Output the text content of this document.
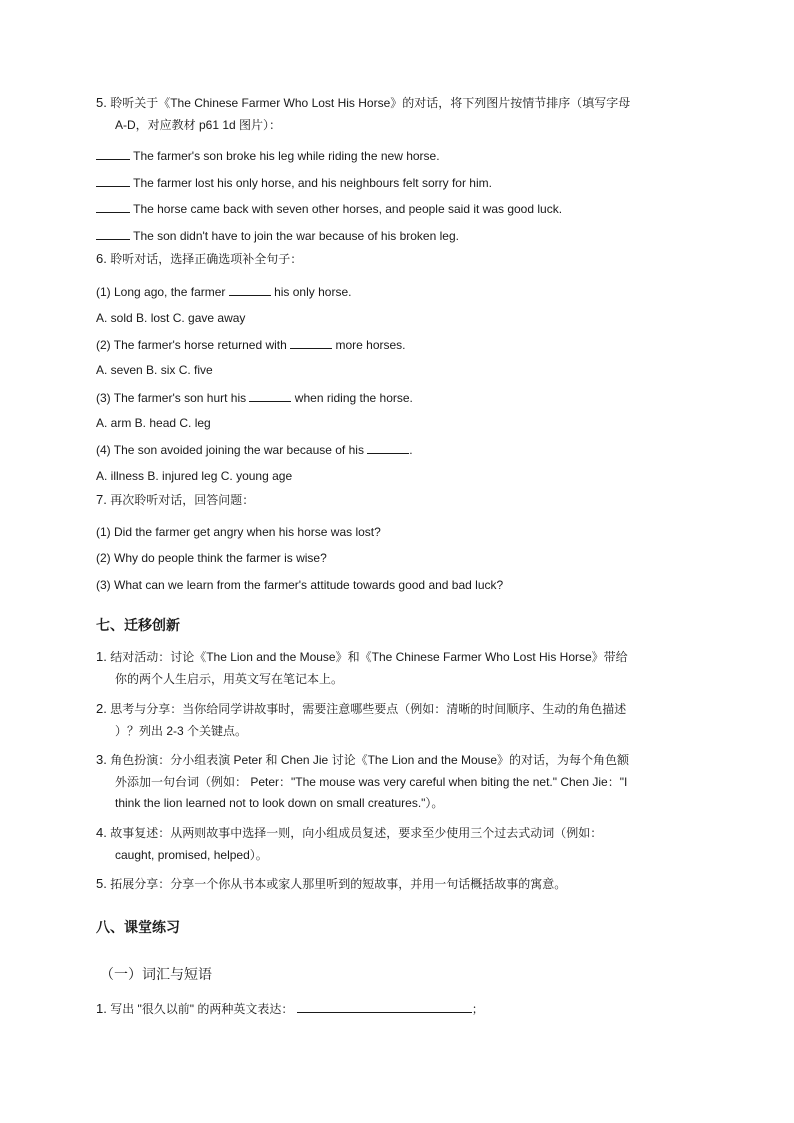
5. 聆听关于《The Chinese Farmer Who Lost His Horse》的对话，将下列图片按情节排序（填写字母
A-D，对应教材 p61 1d 图片）：
The farmer's son broke his leg while riding the new horse.
The farmer lost his only horse, and his neighbours felt sorry for him.
The horse came back with seven other horses, and people said it was good luck.
The son didn't have to join the war because of his broken leg.
6. 聆听对话，选择正确选项补全句子：
(1) Long ago, the farmer	his only horse.
A. sold B. lost C. gave away
(2) The farmer's horse returned with	more horses.
A. seven B. six C. five
(3) The farmer's son hurt his	when riding the horse.
A. arm B. head C. leg
(4) The son avoided joining the war because of his	.
A. illness B. injured leg C. young age
7. 再次聆听对话，回答问题：
(1) Did the farmer get angry when his horse was lost?
(2) Why do people think the farmer is wise?
(3) What can we learn from the farmer's attitude towards good and bad luck?
七、迁移创新
1. 结对活动：讨论《The Lion and the Mouse》和《The Chinese Farmer Who Lost His Horse》带给
你的两个人生启示，用英文写在笔记本上。
2. 思考与分享：当你给同学讲故事时，需要注意哪些要点（例如：清晰的时间顺序、生动的角色描述
）？列出 2-3 个关键点。
3. 角色扮演：分小组表演 Peter 和 Chen Jie 讨论《The Lion and the Mouse》的对话，为每个角色额
外添加一句台词（例如： Peter："The mouse was very careful when biting the net." Chen Jie："I
think the lion learned not to look down on small creatures."）。
4. 故事复述：从两则故事中选择一则，向小组成员复述，要求至少使用三个过去式动词（例如：
caught, promised, helped）。
5. 拓展分享：分享一个你从书本或家人那里听到的短故事，并用一句话概括故事的寓意。
八、课堂练习
（一）词汇与短语
1. 写出 "很久以前" 的两种英文表达：	；
